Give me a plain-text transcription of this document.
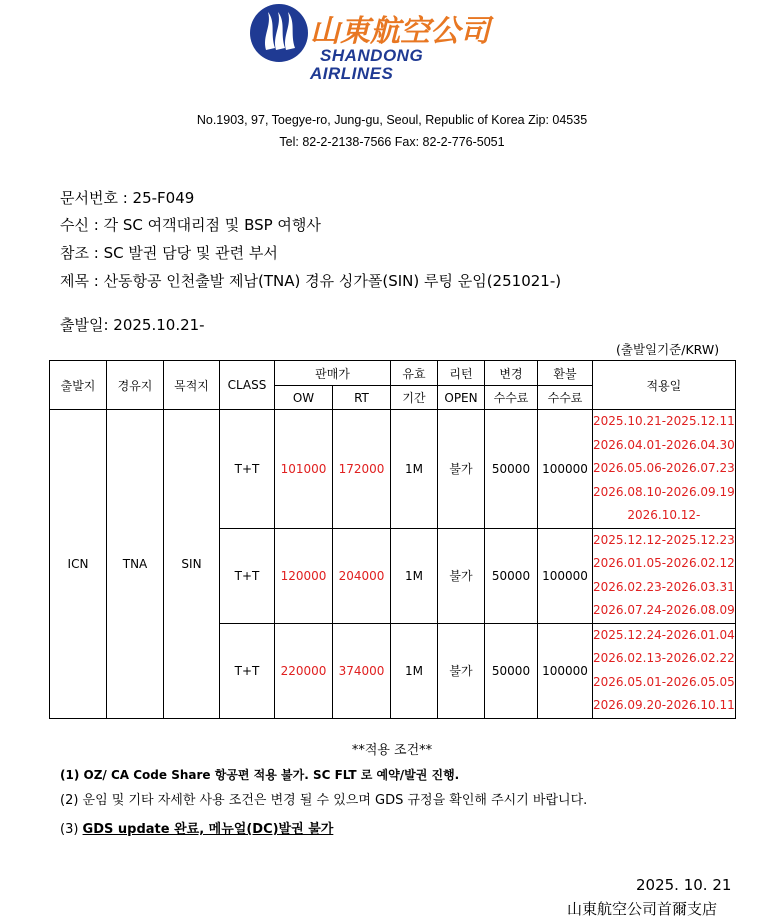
山東航空公司
SHANDONG
AIRLINES
No.1903, 97, Toegye-ro, Jung-gu, Seoul, Republic of Korea Zip: 04535
Tel: 82-2-2138-7566 Fax: 82-2-776-5051
문서번호 : 25-F049
수신 : 각 SC 여객대리점 및 BSP 여행사
참조 : SC 발권 담당 및 관련 부서
제목 : 산동항공 인천출발 제남(TNA) 경유 싱가폴(SIN) 루팅 운임(251021-)
출발일: 2025.10.21-
(출발일기준/KRW)
출발지	경유지	목적지	CLASS	판매가		유효	리턴	변경	환불	적용일
				OW	RT	기간	OPEN	수수료	수수료	
ICN	TNA	SIN	T+T	101000	172000	1M	불가	50000	100000	2025.10.21-2025.12.11
2026.04.01-2026.04.30
2026.05.06-2026.07.23
2026.08.10-2026.09.19
2026.10.12-

			T+T	120000	204000	1M	불가	50000	100000	2025.12.12-2025.12.23
2026.01.05-2026.02.12
2026.02.23-2026.03.31
2026.07.24-2026.08.09

			T+T	220000	374000	1M	불가	50000	100000	2025.12.24-2026.01.04
2026.02.13-2026.02.22
2026.05.01-2026.05.05
2026.09.20-2026.10.11
**적용 조건**
(1) OZ/ CA Code Share 항공편 적용 불가. SC FLT 로 예약/발권 진행.
(2) 운임 및 기타 자세한 사용 조건은 변경 될 수 있으며 GDS 규정을 확인해 주시기 바랍니다.
(3) GDS update 완료, 메뉴얼(DC)발권 불가
2025. 10. 21
山東航空公司首爾支店
